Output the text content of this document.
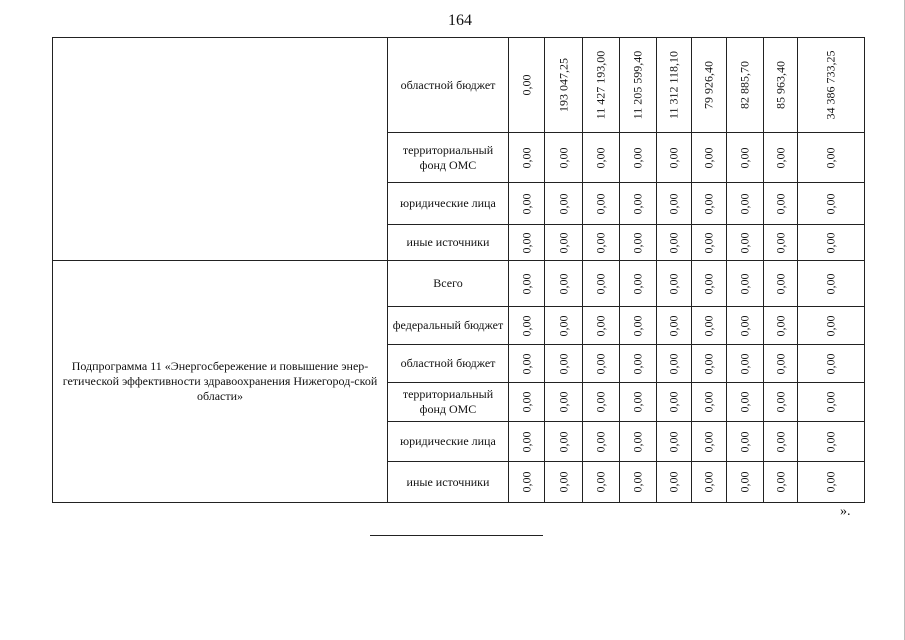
164
	областной бюджет	0,00	193 047,25	11 427 193,00	11 205 599,40	11 312 118,10	79 926,40	82 885,70	85 963,40	34 386 733,25

	территориальный фонд ОМС	0,00	0,00	0,00	0,00	0,00	0,00	0,00	0,00	0,00

	юридические лица	0,00	0,00	0,00	0,00	0,00	0,00	0,00	0,00	0,00

	иные источники	0,00	0,00	0,00	0,00	0,00	0,00	0,00	0,00	0,00

Подпрограмма 11 «Энергосбережение и повышение энер-гетической эффективности здравоохранения Нижегород-ской области»	Всего	0,00	0,00	0,00	0,00	0,00	0,00	0,00	0,00	0,00

	федеральный бюджет	0,00	0,00	0,00	0,00	0,00	0,00	0,00	0,00	0,00

	областной бюджет	0,00	0,00	0,00	0,00	0,00	0,00	0,00	0,00	0,00

	территориальный фонд ОМС	0,00	0,00	0,00	0,00	0,00	0,00	0,00	0,00	0,00

	юридические лица	0,00	0,00	0,00	0,00	0,00	0,00	0,00	0,00	0,00

	иные источники	0,00	0,00	0,00	0,00	0,00	0,00	0,00	0,00	0,00
».
